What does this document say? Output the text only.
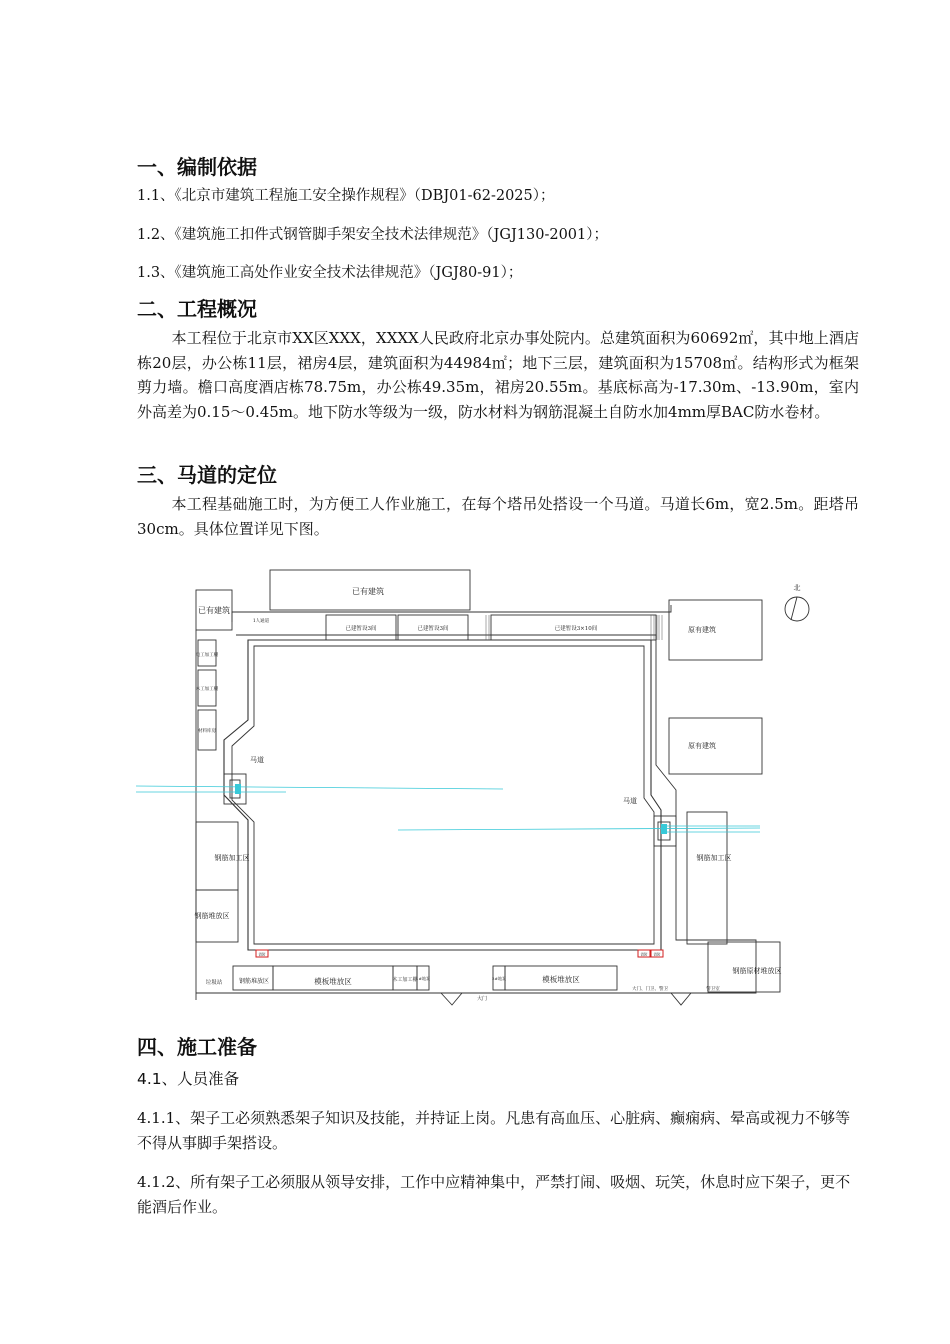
一、编制依据

1.1、《北京市建筑工程施工安全操作规程》（DBJ01-62-2025）；

1.2、《建筑施工扣件式钢管脚手架安全技术法律规范》（JGJ130-2001）；

1.3、《建筑施工高处作业安全技术法律规范》（JGJ80-91）；

二、工程概况

本工程位于北京市XX区XXX，XXXX人民政府北京办事处院内。总建筑面积为60692㎡，其中地上酒店栋20层，办公栋11层，裙房4层，建筑面积为44984㎡；地下三层，建筑面积为15708㎡。结构形式为框架剪力墙。檐口高度酒店栋78.75m，办公栋49.35m，裙房20.55m。基底标高为-17.30m、-13.90m，室内外高差为0.15～0.45m。地下防水等级为一级，防水材料为钢筋混凝土自防水加4mm厚BAC防水卷材。

三、马道的定位

本工程基础施工时，为方便工人作业施工，在每个塔吊处搭设一个马道。马道长6m，宽2.5m。距塔吊30cm。具体位置详见下图。

已有建筑
已有建筑
北
1人通道
已建暂设3间	已建暂设3间	已建暂设3×10间	原有建筑
原有建筑
电工加工棚
木工加工棚
材料库房
马道
马道
钢筋加工区
钢筋堆放区
钢筋加工区
钢筋原材堆放区
垃圾站	钢筋堆放区	模板堆放区	模板堆放区
木工加工棚
1#地泵	2#地泵
大门
大门、门卫、警卫	警卫室
消防	消防 消防
四、施工准备

4.1、人员准备

4.1.1、架子工必须熟悉架子知识及技能，并持证上岗。凡患有高血压、心脏病、癫痫病、晕高或视力不够等不得从事脚手架搭设。

4.1.2、所有架子工必须服从领导安排，工作中应精神集中，严禁打闹、吸烟、玩笑，休息时应下架子，更不能酒后作业。
